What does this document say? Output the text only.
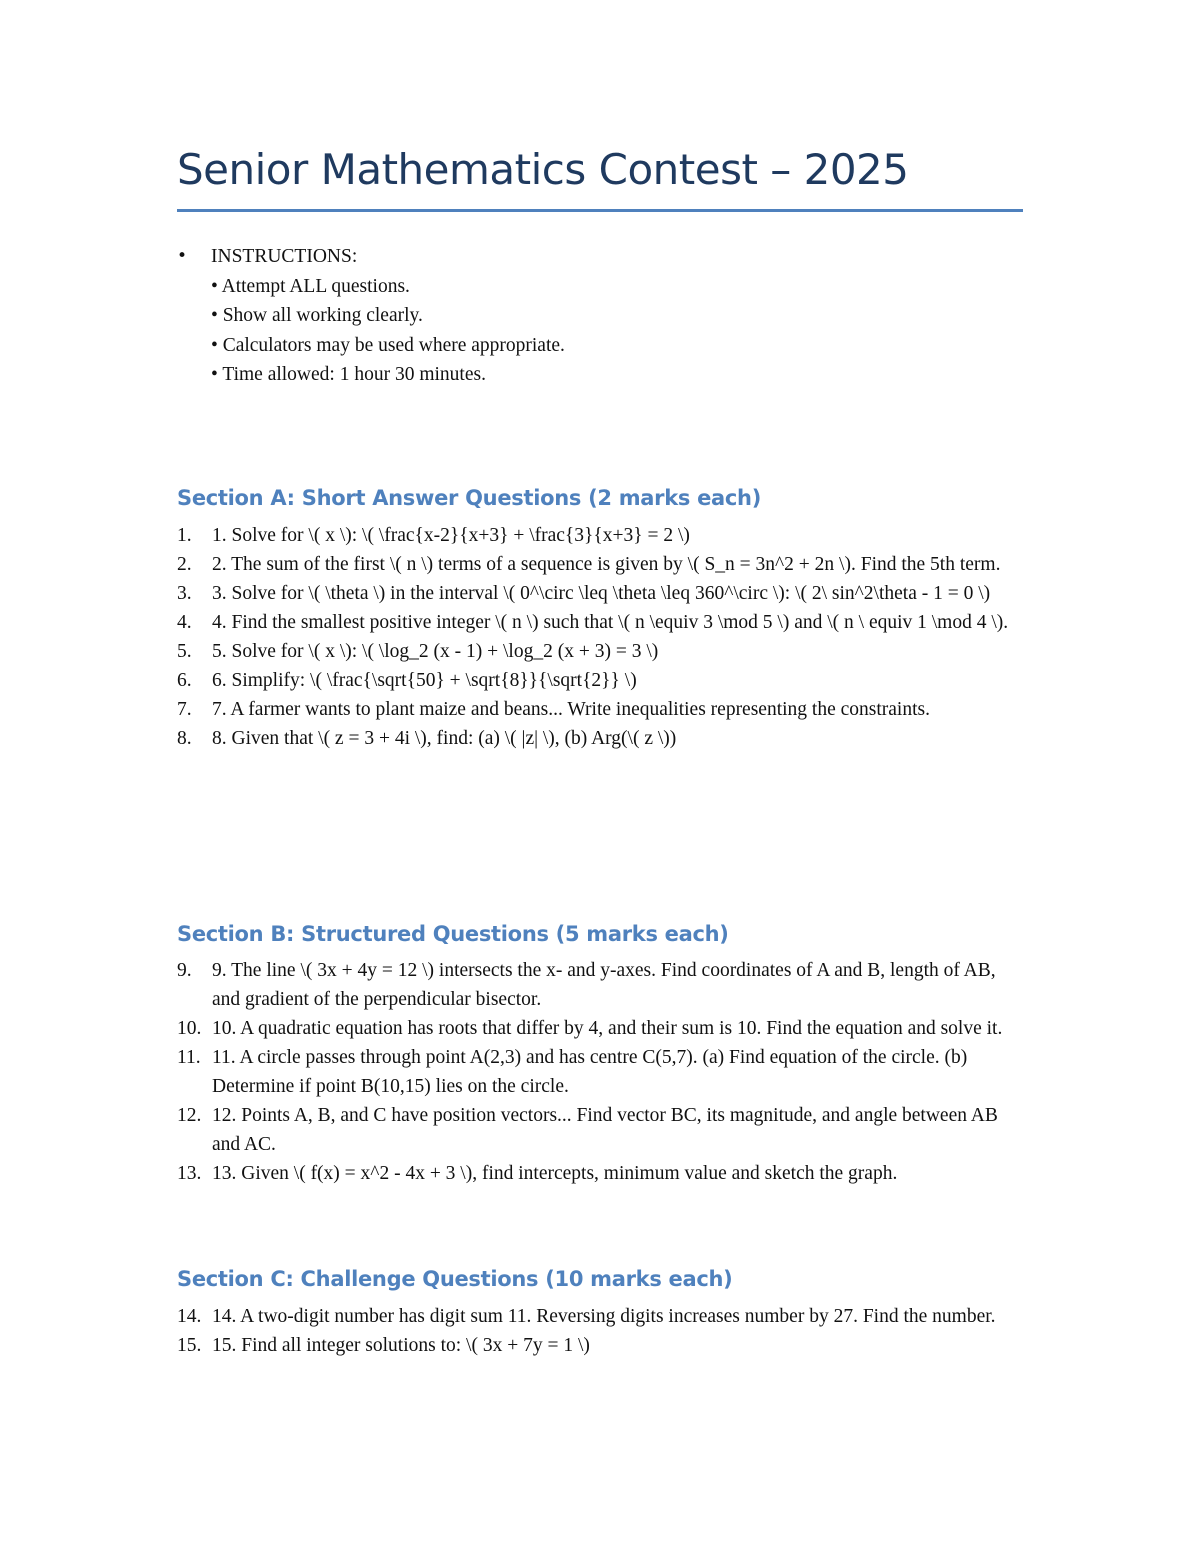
Senior Mathematics Contest – 2025
• INSTRUCTIONS:
• Attempt ALL questions.
• Show all working clearly.
• Calculators may be used where appropriate.
• Time allowed: 1 hour 30 minutes.
Section A: Short Answer Questions (2 marks each)
1. 1. Solve for \( x \): \( \frac{x-2}{x+3} + \frac{3}{x+3} = 2 \)
2. 2. The sum of the first \( n \) terms of a sequence is given by \( S_n = 3n^2 + 2n \). Find the 5th term.
3. 3. Solve for \( \theta \) in the interval \( 0^\circ \leq \theta \leq 360^\circ \): \( 2\ sin^2\theta - 1 = 0 \)
4. 4. Find the smallest positive integer \( n \) such that \( n \equiv 3 \mod 5 \) and \( n \ equiv 1 \mod 4 \).
5. 5. Solve for \( x \): \( \log_2 (x - 1) + \log_2 (x + 3) = 3 \)
6. 6. Simplify: \( \frac{\sqrt{50} + \sqrt{8}}{\sqrt{2}} \)
7. 7. A farmer wants to plant maize and beans... Write inequalities representing the constraints.
8. 8. Given that \( z = 3 + 4i \), find: (a) \( |z| \), (b) Arg(\( z \))
Section B: Structured Questions (5 marks each)
9. 9. The line \( 3x + 4y = 12 \) intersects the x- and y-axes. Find coordinates of A and B, length of AB, and gradient of the perpendicular bisector.
10. 10. A quadratic equation has roots that differ by 4, and their sum is 10. Find the equation and solve it.
11. 11. A circle passes through point A(2,3) and has centre C(5,7). (a) Find equation of the circle. (b) Determine if point B(10,15) lies on the circle.
12. 12. Points A, B, and C have position vectors... Find vector BC, its magnitude, and angle between AB and AC.
13. 13. Given \( f(x) = x^2 - 4x + 3 \), find intercepts, minimum value and sketch the graph.
Section C: Challenge Questions (10 marks each)
14. 14. A two-digit number has digit sum 11. Reversing digits increases number by 27. Find the number.
15. 15. Find all integer solutions to: \( 3x + 7y = 1 \)
